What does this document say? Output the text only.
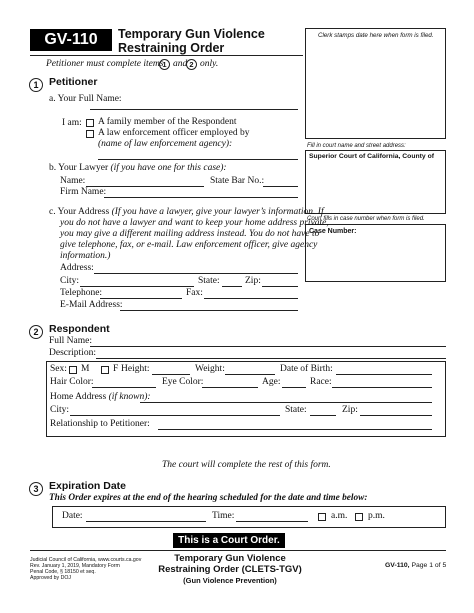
GV-110	Temporary Gun Violence
Restraining Order
Petitioner must complete items 1 and 2 only.
Clerk stamps date here when form is filed.
Fill in court name and street address:
Superior Court of California, County of
Court fills in case number when form is filed.
Case Number:
1	Petitioner
a. Your Full Name:
I am: A family member of the Respondent
A law enforcement officer employed by
(name of law enforcement agency):
b. Your Lawyer (if you have one for this case):
Name:	State Bar No.:
Firm Name:
c. Your Address (If you have a lawyer, give your lawyer’s information. If
you do not have a lawyer and want to keep your home address private,
you may give a different mailing address instead. You do not have to
give telephone, fax, or e-mail. Law enforcement officer, give agency
information.)
Address:
City:	State:	Zip:
Telephone:	Fax:
E-Mail Address:
2	Respondent
Full Name:
Description:
Sex: M F Height:	Weight:	Date of Birth:
Hair Color:	Eye Color:	Age:	Race:
Home Address (if known):
City:	State:	Zip:
Relationship to Petitioner:
The court will complete the rest of this form.
3	Expiration Date
This Order expires at the end of the hearing scheduled for the date and time below:
Date:	Time:	a.m. p.m.
This is a Court Order.
Judicial Council of California, www.courts.ca.gov
Rev. January 1, 2019, Mandatory Form
Penal Code, § 18150 et seq.
Approved by DOJ
Temporary Gun Violence
Restraining Order (CLETS-TGV)
(Gun Violence Prevention)
GV-110, Page 1 of 5
